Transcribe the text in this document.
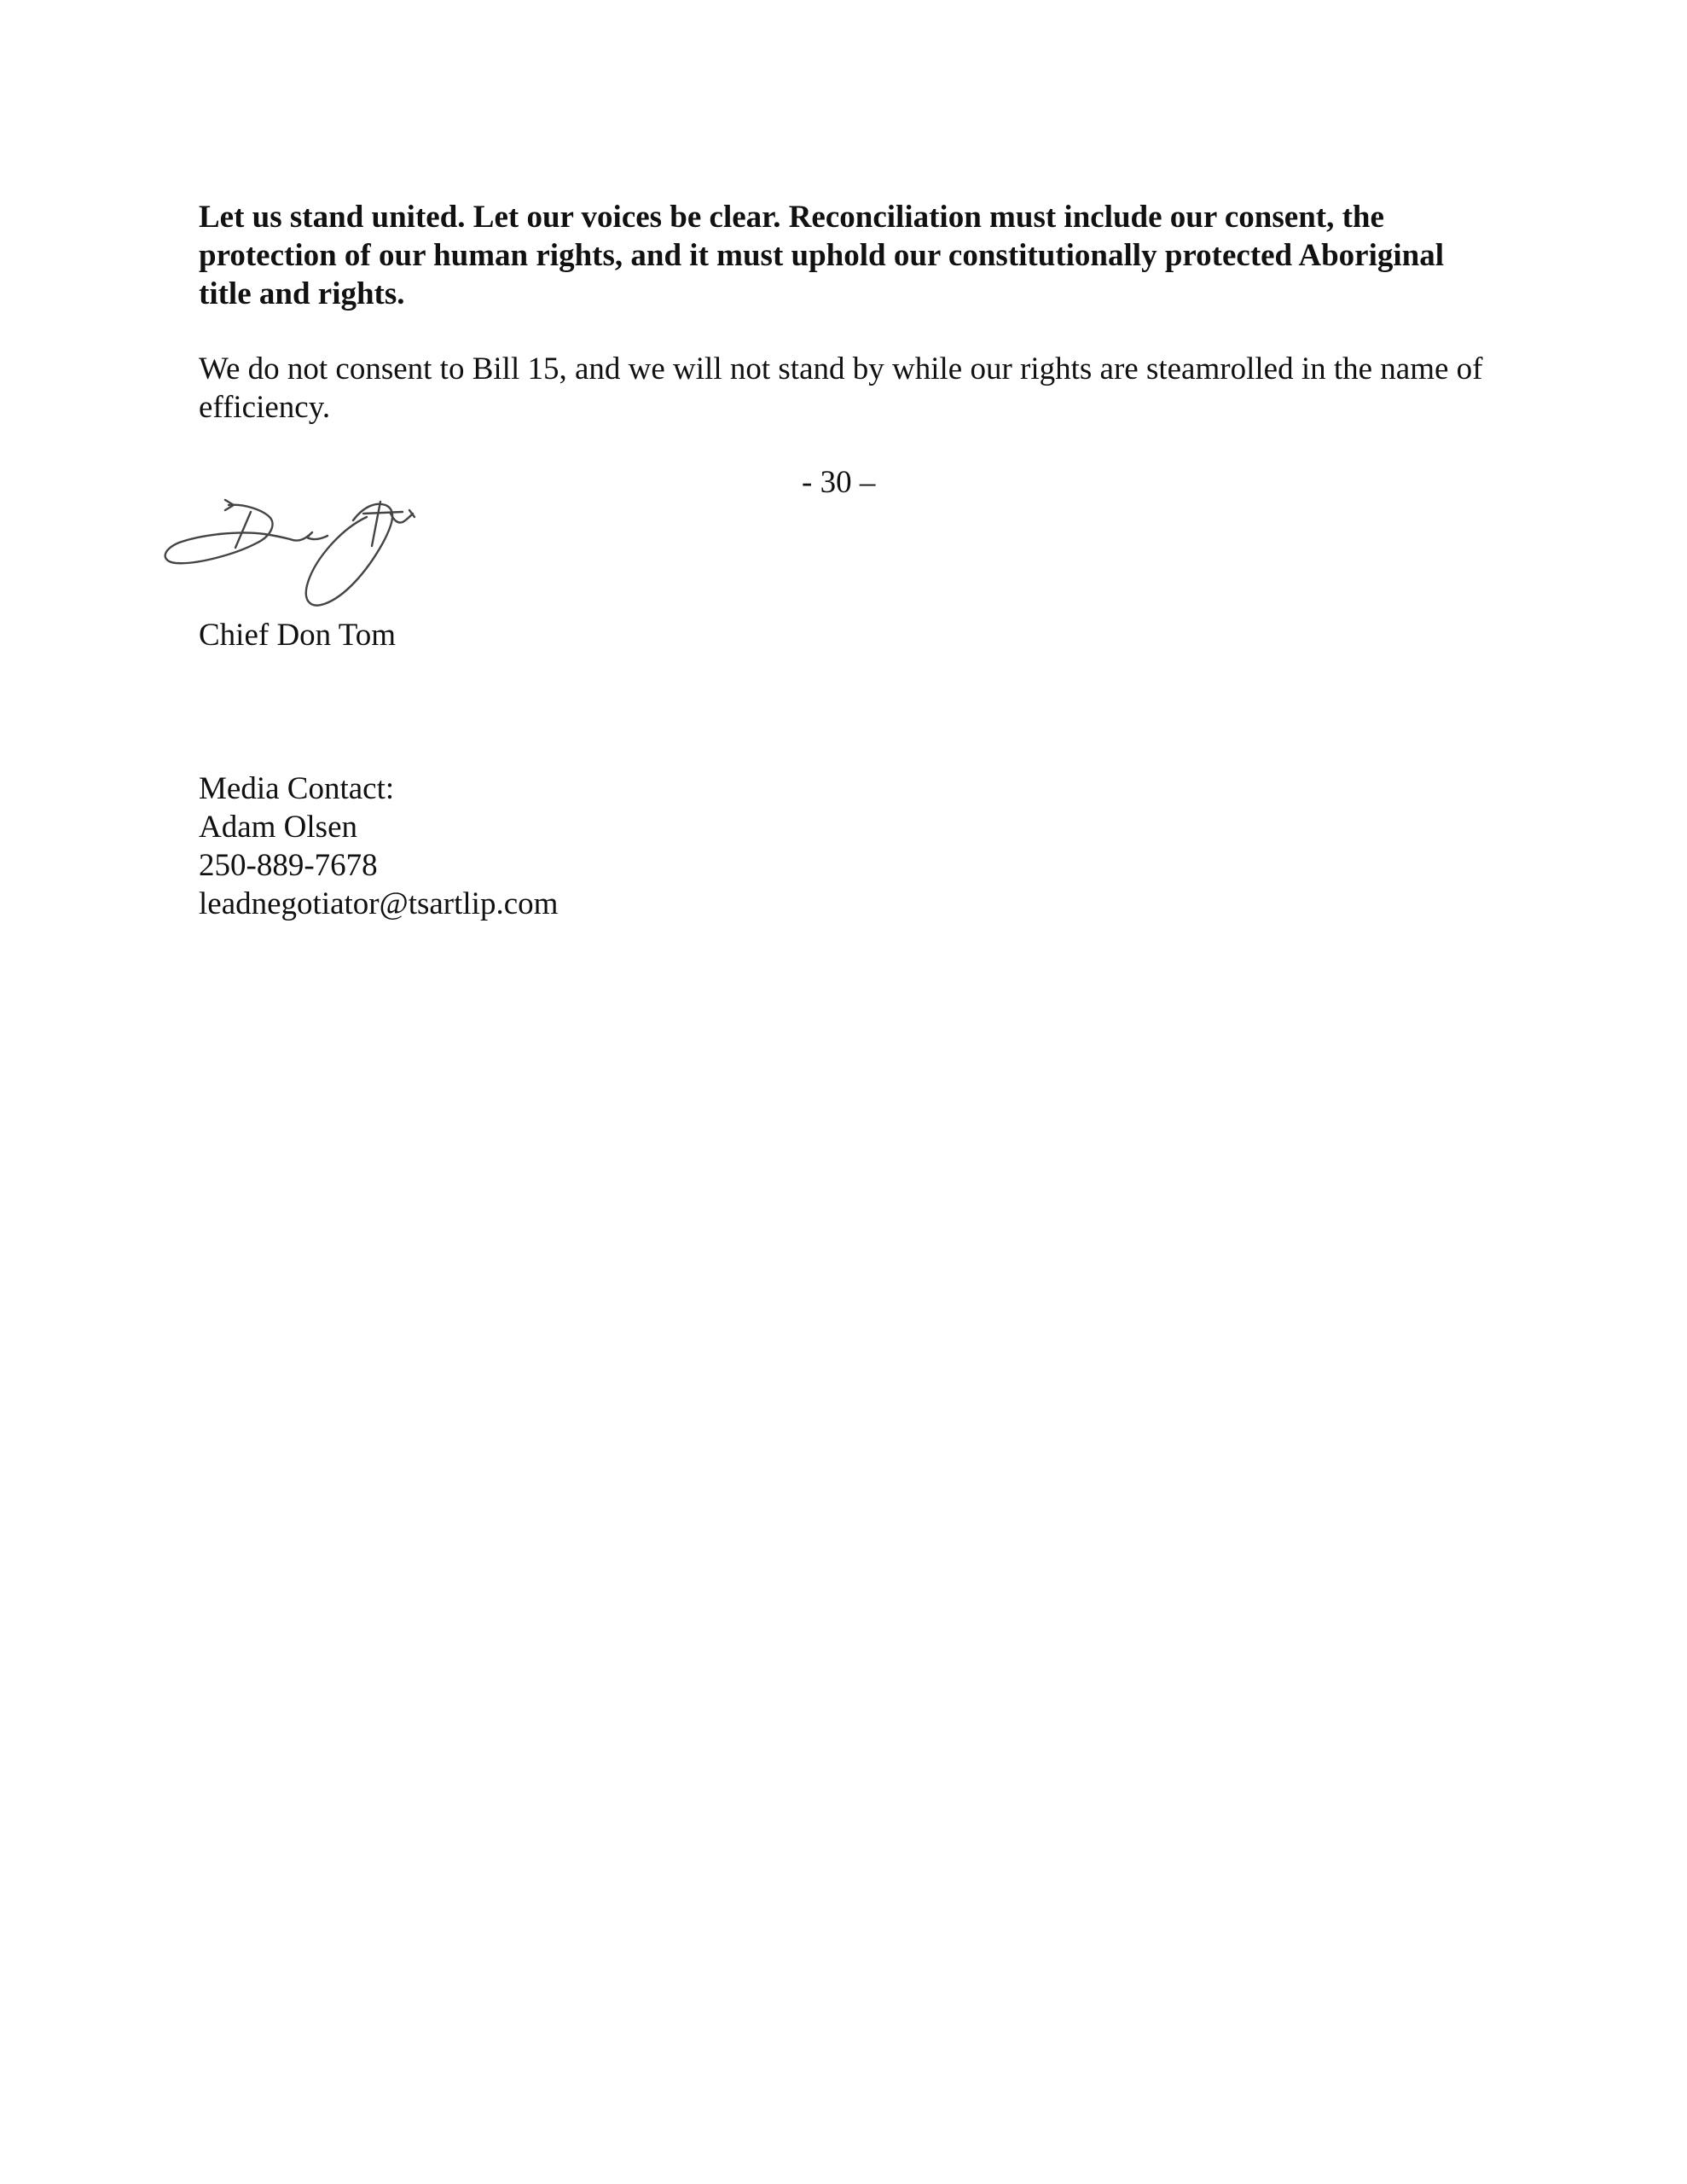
Let us stand united. Let our voices be clear. Reconciliation must include our consent, the protection of our human rights, and it must uphold our constitutionally protected Aboriginal title and rights.

We do not consent to Bill 15, and we will not stand by while our rights are steamrolled in the name of efficiency.

- 30 –
Chief Don Tom
Media Contact:
Adam Olsen
250-889-7678
leadnegotiator@tsartlip.com
